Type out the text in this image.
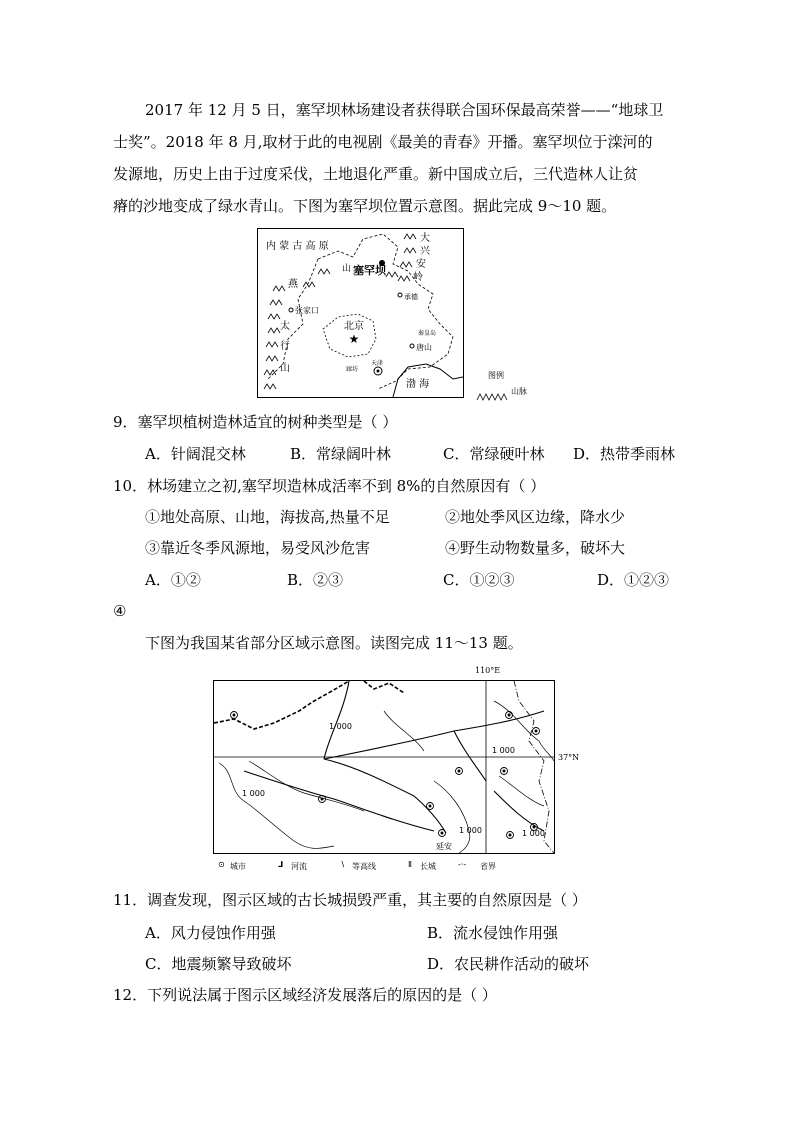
2017 年 12 月 5 日，塞罕坝林场建设者获得联合国环保最高荣誉——“地球卫
士奖”。2018 年 8 月,取材于此的电视剧《最美的青春》开播。塞罕坝位于滦河的
发源地，历史上由于过度采伐，土地退化严重。新中国成立后，三代造林人让贫
瘠的沙地变成了绿水青山。下图为塞罕坝位置示意图。据此完成 9～10 题。
★
内 蒙 古 高 原
山 塞罕坝
大
兴
安
岭
承德
张家口
北京
秦皇岛
唐山
廊坊
天津
渤 海
燕
太
行
山
图例
山脉
9．塞罕坝植树造林适宜的树种类型是（ ）
A．针阔混交林	B．常绿阔叶林	C．常绿硬叶林 D．热带季雨林
10．林场建立之初,塞罕坝造林成活率不到 8%的自然原因有（ ）
①地处高原、山地，海拔高,热量不足	②地处季风区边缘，降水少
③靠近冬季风源地，易受风沙危害	④野生动物数量多，破坏大
A．①②	B．②③	C．①②③	D．①②③
④
下图为我国某省部分区域示意图。读图完成 11～13 题。
110°E
37°N
1 000
1 000
1 000
1 000	1 000
延安
⊙ 城市	⅃ 河流	∖ 等高线	Ⅱ 长城	-·- 省界
11．调查发现，图示区域的古长城损毁严重，其主要的自然原因是（ ）
A．风力侵蚀作用强	B．流水侵蚀作用强
C．地震频繁导致破坏	D．农民耕作活动的破坏
12．下列说法属于图示区域经济发展落后的原因的是（ ）
